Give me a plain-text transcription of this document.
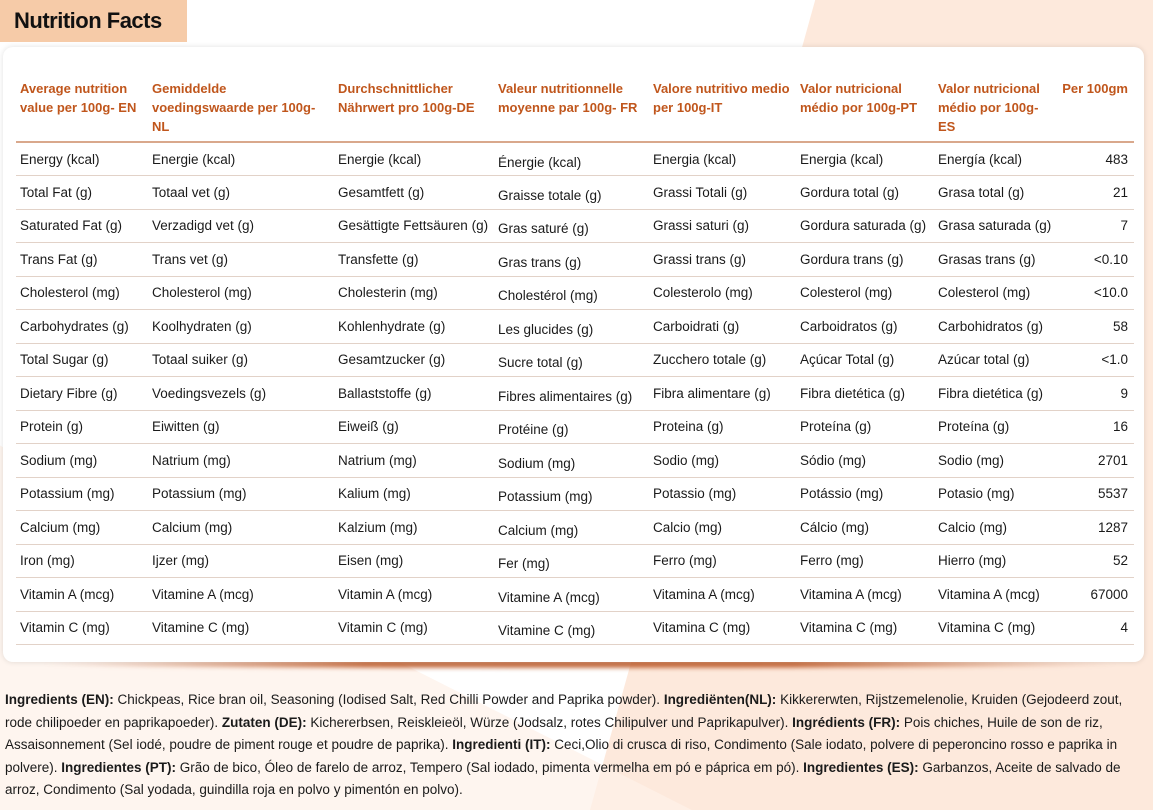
Nutrition Facts
Average nutrition value per 100g- EN	Gemiddelde voedingswaarde per 100g-NL	Durchschnittlicher Nährwert pro 100g-DE	Valeur nutritionnelle moyenne par 100g- FR	Valore nutritivo medio per 100g-IT	Valor nutricional médio por 100g-PT	Valor nutricional médio por 100g-ES	Per 100gm
Energy (kcal)	Energie (kcal)	Energie (kcal)	Énergie (kcal)	Energia (kcal)	Energia (kcal)	Energía (kcal)	483
Total Fat (g)	Totaal vet (g)	Gesamtfett (g)	Graisse totale (g)	Grassi Totali (g)	Gordura total (g)	Grasa total (g)	21
Saturated Fat (g)	Verzadigd vet (g)	Gesättigte Fettsäuren (g)	Gras saturé (g)	Grassi saturi (g)	Gordura saturada (g)	Grasa saturada (g)	7
Trans Fat (g)	Trans vet (g)	Transfette (g)	Gras trans (g)	Grassi trans (g)	Gordura trans (g)	Grasas trans (g)	<0.10
Cholesterol (mg)	Cholesterol (mg)	Cholesterin (mg)	Cholestérol (mg)	Colesterolo (mg)	Colesterol (mg)	Colesterol (mg)	<10.0
Carbohydrates (g)	Koolhydraten (g)	Kohlenhydrate (g)	Les glucides (g)	Carboidrati (g)	Carboidratos (g)	Carbohidratos (g)	58
Total Sugar (g)	Totaal suiker (g)	Gesamtzucker (g)	Sucre total (g)	Zucchero totale (g)	Açúcar Total (g)	Azúcar total (g)	<1.0
Dietary Fibre (g)	Voedingsvezels (g)	Ballaststoffe (g)	Fibres alimentaires (g)	Fibra alimentare (g)	Fibra dietética (g)	Fibra dietética (g)	9
Protein (g)	Eiwitten (g)	Eiweiß (g)	Protéine (g)	Proteina (g)	Proteína (g)	Proteína (g)	16
Sodium (mg)	Natrium (mg)	Natrium (mg)	Sodium (mg)	Sodio (mg)	Sódio (mg)	Sodio (mg)	2701
Potassium (mg)	Potassium (mg)	Kalium (mg)	Potassium (mg)	Potassio (mg)	Potássio (mg)	Potasio (mg)	5537
Calcium (mg)	Calcium (mg)	Kalzium (mg)	Calcium (mg)	Calcio (mg)	Cálcio (mg)	Calcio (mg)	1287
Iron (mg)	Ijzer (mg)	Eisen (mg)	Fer (mg)	Ferro (mg)	Ferro (mg)	Hierro (mg)	52
Vitamin A (mcg)	Vitamine A (mcg)	Vitamin A (mcg)	Vitamine A (mcg)	Vitamina A (mcg)	Vitamina A (mcg)	Vitamina A (mcg)	67000
Vitamin C (mg)	Vitamine C (mg)	Vitamin C (mg)	Vitamine C (mg)	Vitamina C (mg)	Vitamina C (mg)	Vitamina C (mg)	4
Ingredients (EN): Chickpeas, Rice bran oil, Seasoning (Iodised Salt, Red Chilli Powder and Paprika powder). Ingrediënten(NL): Kikkererwten, Rijstzemelenolie, Kruiden (Gejodeerd zout, rode chilipoeder en paprikapoeder). Zutaten (DE): Kichererbsen, Reiskleieöl, Würze (Jodsalz, rotes Chilipulver und Paprikapulver). Ingrédients (FR): Pois chiches, Huile de son de riz, Assaisonnement (Sel iodé, poudre de piment rouge et poudre de paprika). Ingredienti (IT): Ceci,Olio di crusca di riso, Condimento (Sale iodato, polvere di peperoncino rosso e paprika in polvere). Ingredientes (PT): Grão de bico, Óleo de farelo de arroz, Tempero (Sal iodado, pimenta vermelha em pó e páprica em pó). Ingredientes (ES): Garbanzos, Aceite de salvado de arroz, Condimento (Sal yodada, guindilla roja en polvo y pimentón en polvo).
